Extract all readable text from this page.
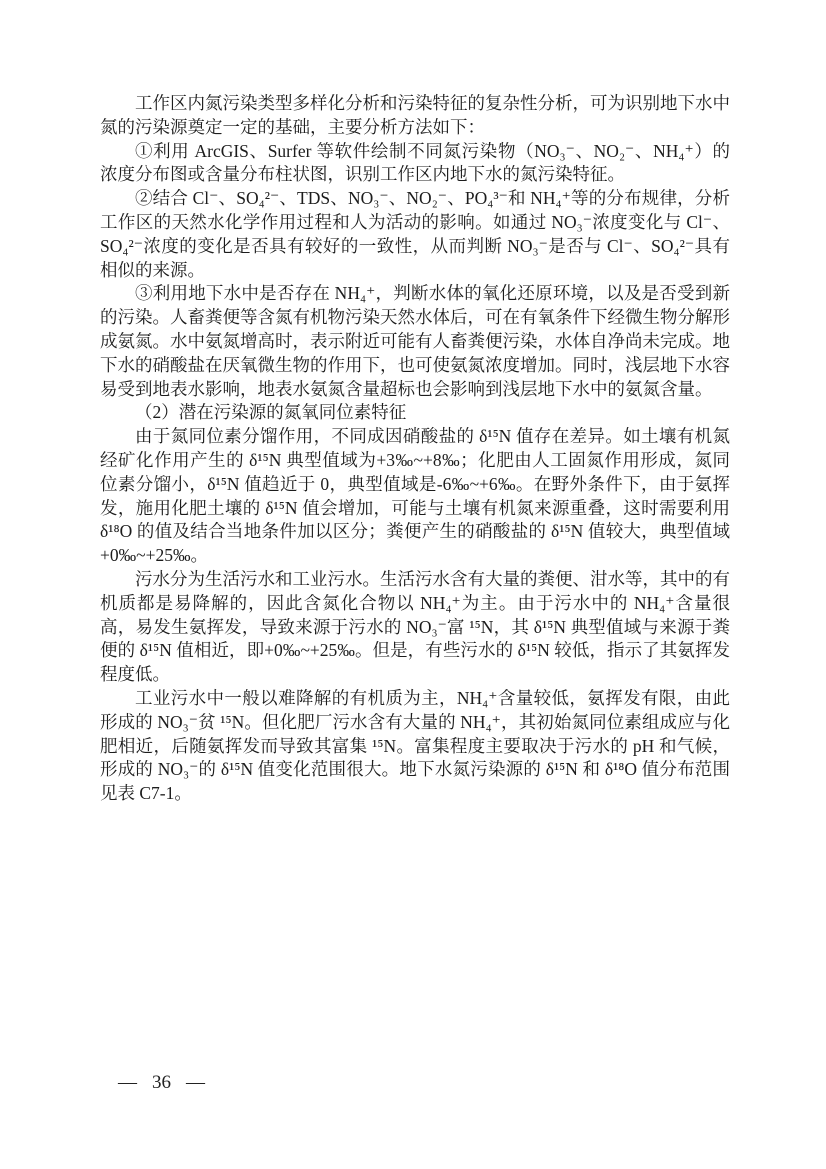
工作区内氮污染类型多样化分析和污染特征的复杂性分析，可为识别地下水中氮的污染源奠定一定的基础，主要分析方法如下：

①利用 ArcGIS、Surfer 等软件绘制不同氮污染物（NO₃⁻、NO₂⁻、NH₄⁺）的浓度分布图或含量分布柱状图，识别工作区内地下水的氮污染特征。

②结合 Cl⁻、SO₄²⁻、TDS、NO₃⁻、NO₂⁻、PO₄³⁻和 NH₄⁺等的分布规律，分析工作区的天然水化学作用过程和人为活动的影响。如通过 NO₃⁻浓度变化与 Cl⁻、SO₄²⁻浓度的变化是否具有较好的一致性，从而判断 NO₃⁻是否与 Cl⁻、SO₄²⁻具有相似的来源。

③利用地下水中是否存在 NH₄⁺，判断水体的氧化还原环境，以及是否受到新的污染。人畜粪便等含氮有机物污染天然水体后，可在有氧条件下经微生物分解形成氨氮。水中氨氮增高时，表示附近可能有人畜粪便污染，水体自净尚未完成。地下水的硝酸盐在厌氧微生物的作用下，也可使氨氮浓度增加。同时，浅层地下水容易受到地表水影响，地表水氨氮含量超标也会影响到浅层地下水中的氨氮含量。

（2）潜在污染源的氮氧同位素特征

由于氮同位素分馏作用，不同成因硝酸盐的 δ¹⁵N 值存在差异。如土壤有机氮经矿化作用产生的 δ¹⁵N 典型值域为+3‰~+8‰；化肥由人工固氮作用形成，氮同位素分馏小，δ¹⁵N 值趋近于 0，典型值域是-6‰~+6‰。在野外条件下，由于氨挥发，施用化肥土壤的 δ¹⁵N 值会增加，可能与土壤有机氮来源重叠，这时需要利用 δ¹⁸O 的值及结合当地条件加以区分；粪便产生的硝酸盐的 δ¹⁵N 值较大，典型值域+0‰~+25‰。

污水分为生活污水和工业污水。生活污水含有大量的粪便、泔水等，其中的有机质都是易降解的，因此含氮化合物以 NH₄⁺为主。由于污水中的 NH₄⁺含量很高，易发生氨挥发，导致来源于污水的 NO₃⁻富 ¹⁵N，其 δ¹⁵N 典型值域与来源于粪便的 δ¹⁵N 值相近，即+0‰~+25‰。但是，有些污水的 δ¹⁵N 较低，指示了其氨挥发程度低。

工业污水中一般以难降解的有机质为主，NH₄⁺含量较低，氨挥发有限，由此形成的 NO₃⁻贫 ¹⁵N。但化肥厂污水含有大量的 NH₄⁺，其初始氮同位素组成应与化肥相近，后随氨挥发而导致其富集 ¹⁵N。富集程度主要取决于污水的 pH 和气候，形成的 NO₃⁻的 δ¹⁵N 值变化范围很大。地下水氮污染源的 δ¹⁵N 和 δ¹⁸O 值分布范围见表 C7-1。

— 36 —
